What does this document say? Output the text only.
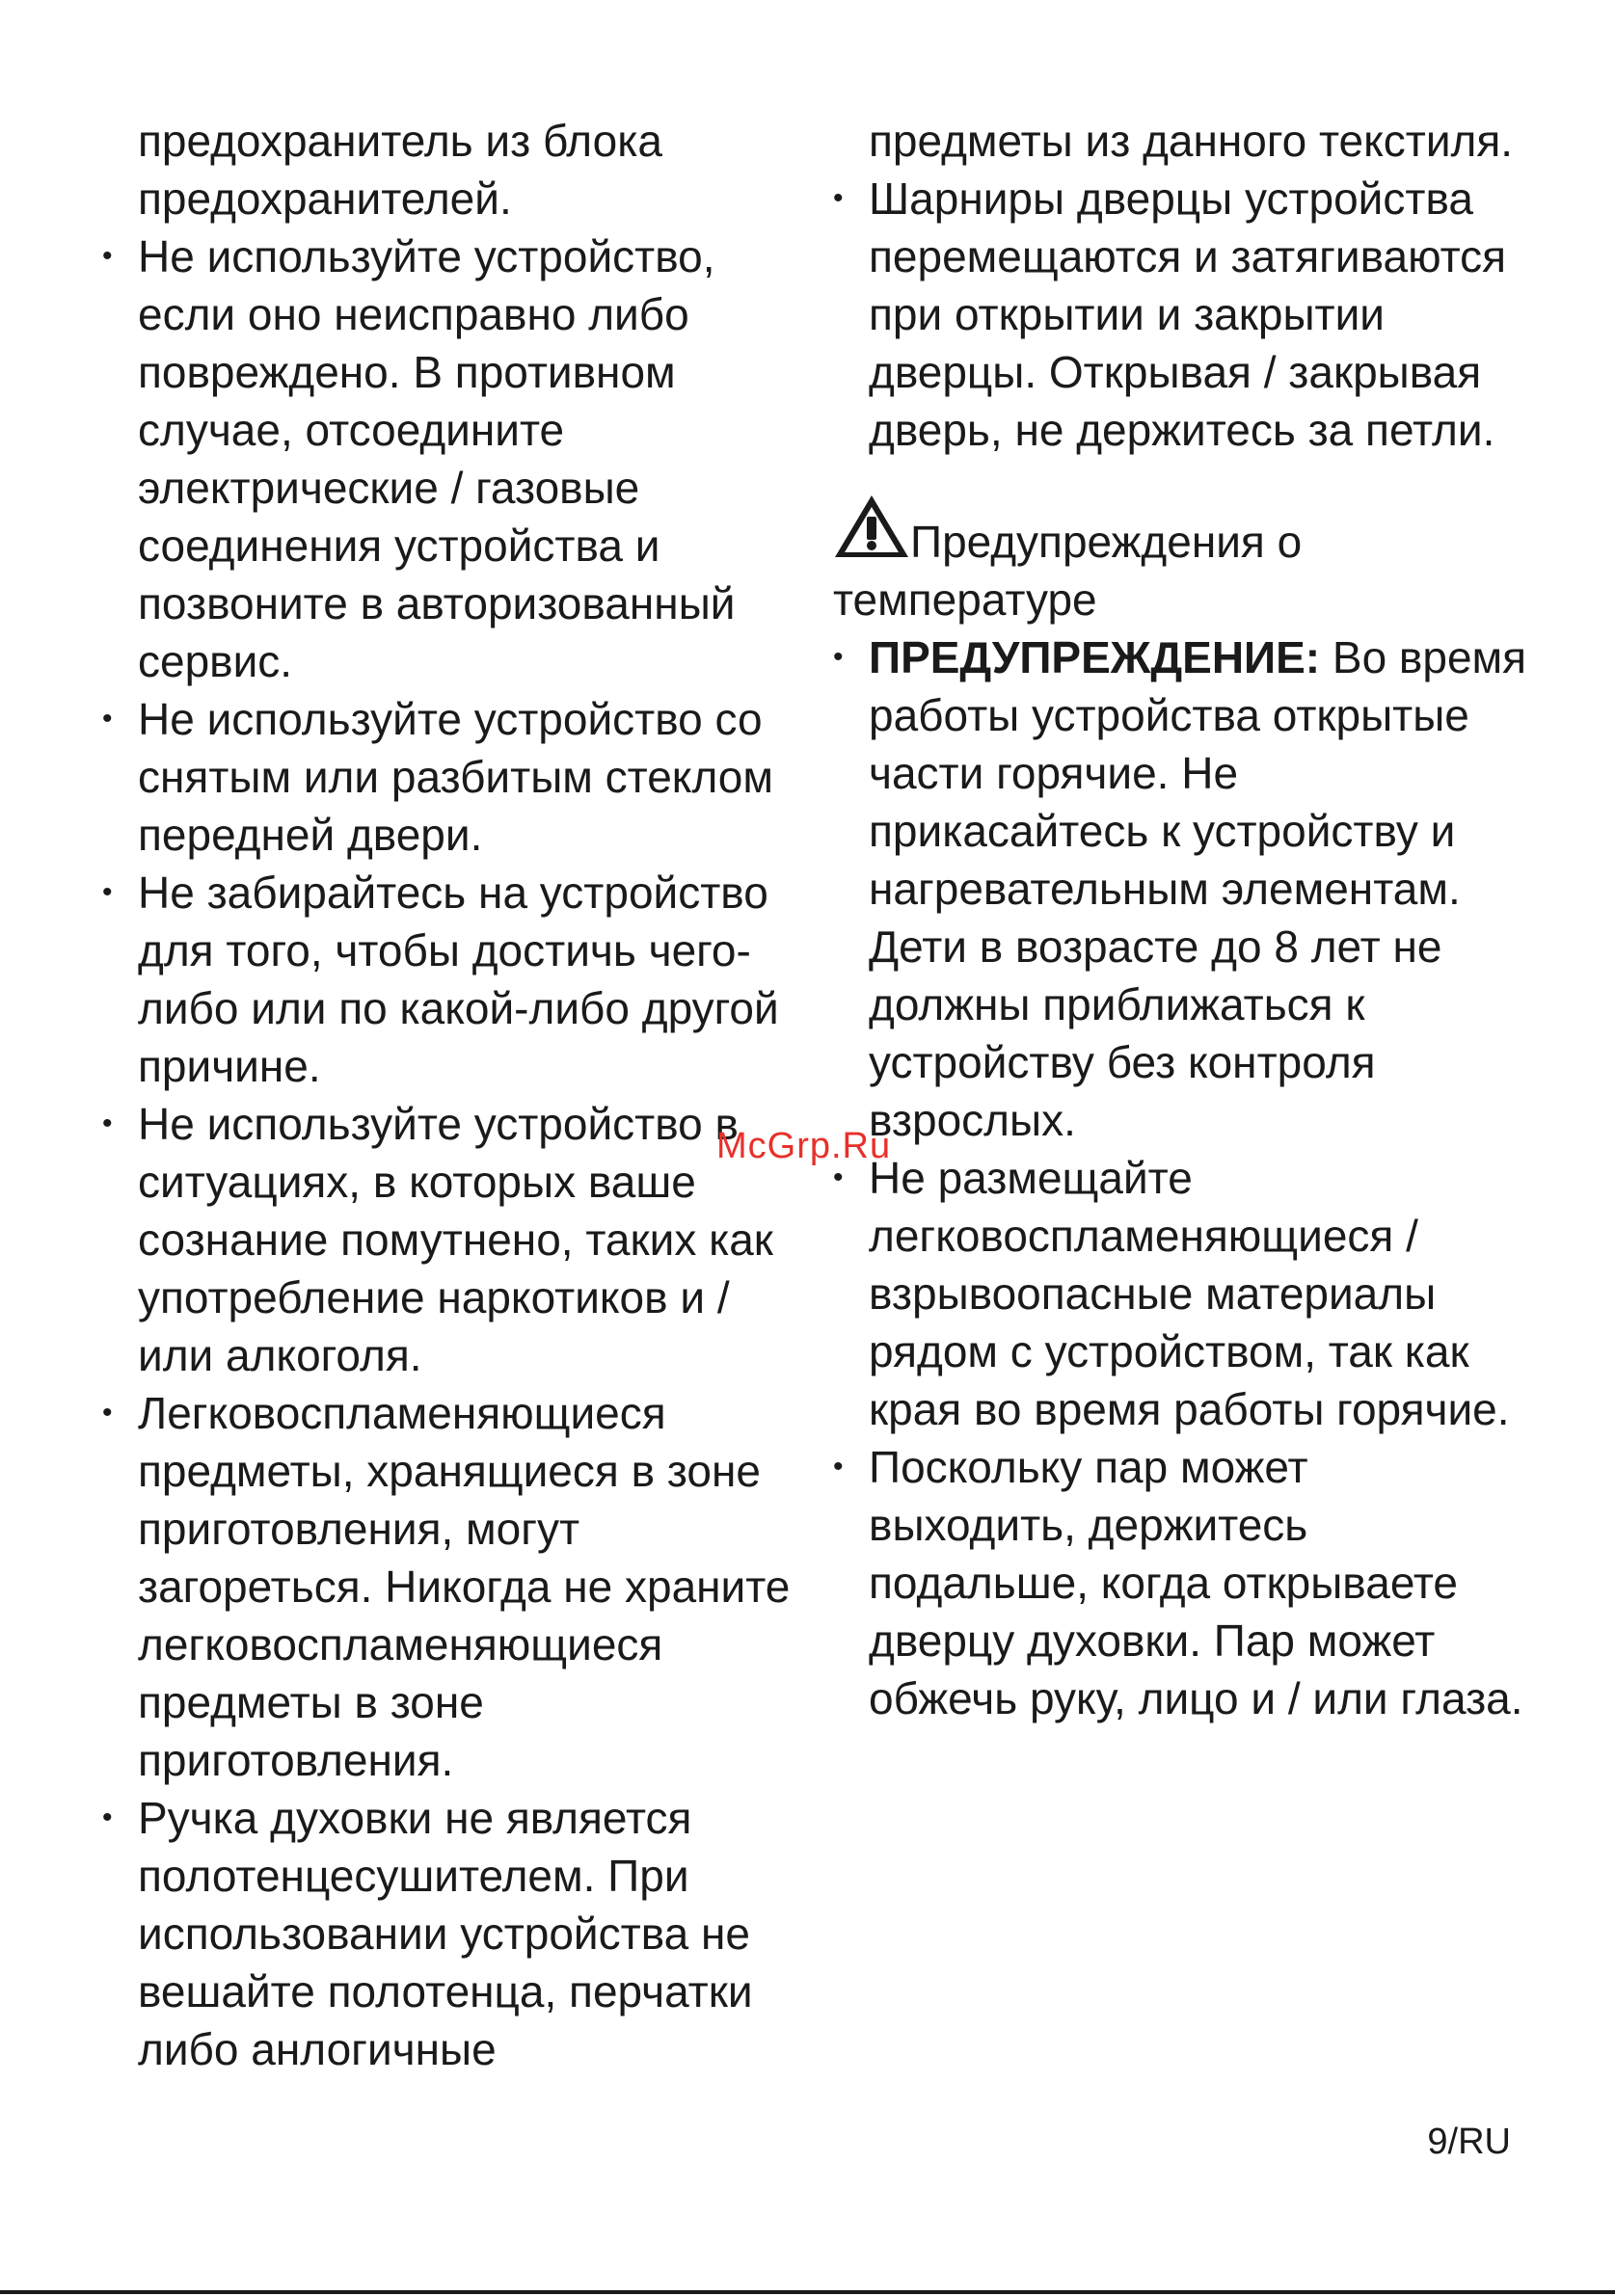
предохранитель из блока предохранителей.

• Не используйте устройство, если оно неисправно либо повреждено. В противном случае, отсоедините электрические / газовые соединения устройства и позвоните в авторизованный сервис.
• Не используйте устройство со снятым или разбитым стеклом передней двери.
• Не забирайтесь на устройство для того, чтобы достичь чего-либо или по какой-либо другой причине.
• Не используйте устройство в ситуациях, в которых ваше сознание помутнено, таких как употребление наркотиков и / или алкоголя.
• Легковоспламеняющиеся предметы, хранящиеся в зоне приготовления, могут загореться. Никогда не храните легковоспламеняющиеся предметы в зоне приготовления.
• Ручка духовки не является полотенцесушителем. При использовании устройства не вешайте полотенца, перчатки либо анлогичные

предметы из данного текстиля.

• Шарниры дверцы устройства перемещаются и затягиваются при открытии и закрытии дверцы. Открывая / закрывая дверь, не держитесь за петли.
Предупреждения о температуре
• ПРЕДУПРЕЖДЕНИЕ: Во время работы устройства открытые части горячие. Не прикасайтесь к устройству и нагревательным элементам. Дети в возрасте до 8 лет не должны приближаться к устройству без контроля взрослых.
• Не размещайте легковоспламеняющиеся / взрывоопасные материалы рядом с устройством, так как края во время работы горячие.
• Поскольку пар может выходить, держитесь подальше, когда открываете дверцу духовки. Пар может обжечь руку, лицо и / или глаза.
McGrp.Ru
9/RU
